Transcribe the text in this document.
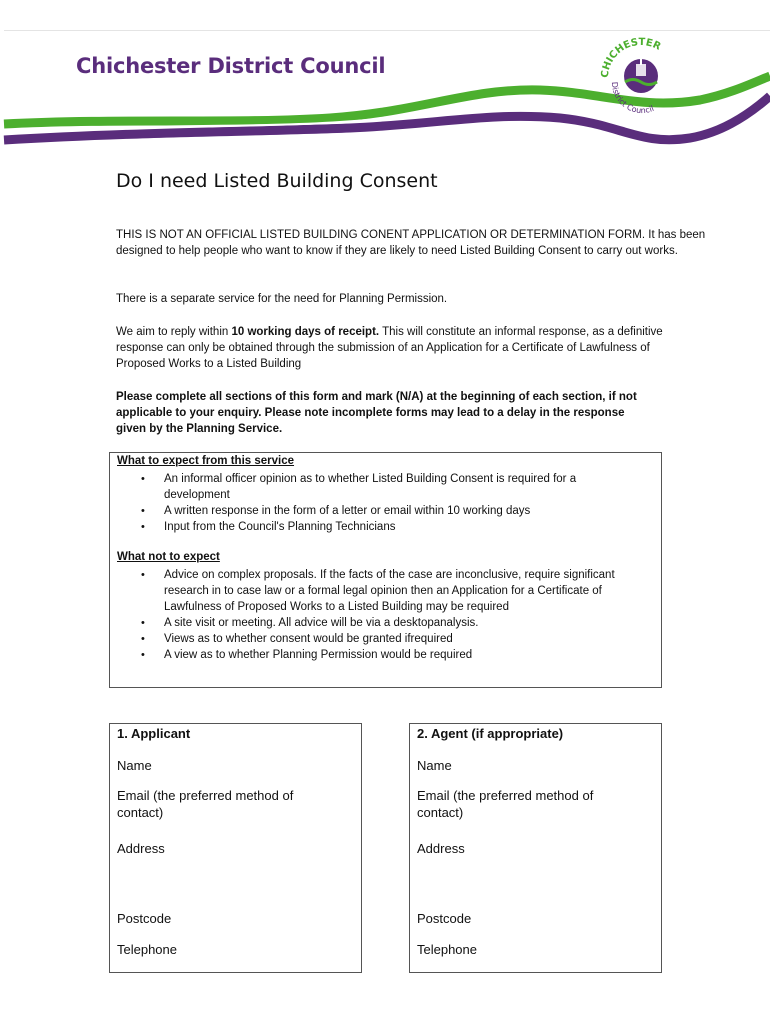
Chichester District Council	CHICHESTER
District Council
Do I need Listed Building Consent
THIS IS NOT AN OFFICIAL LISTED BUILDING CONENT APPLICATION OR DETERMINATION FORM. It has been designed to help people who want to know if they are likely to need Listed Building Consent to carry out works.
There is a separate service for the need for Planning Permission.
We aim to reply within 10 working days of receipt. This will constitute an informal response, as a definitive response can only be obtained through the submission of an Application for a Certificate of Lawfulness of Proposed Works to a Listed Building
Please complete all sections of this form and mark (N/A) at the beginning of each section, if not applicable to your enquiry. Please note incomplete forms may lead to a delay in the response given by the Planning Service.
What to expect from this service
• An informal officer opinion as to whether Listed Building Consent is required for a development
• A written response in the form of a letter or email within 10 working days
• Input from the Council's Planning Technicians
What not to expect
• Advice on complex proposals. If the facts of the case are inconclusive, require significant research in to case law or a formal legal opinion then an Application for a Certificate of Lawfulness of Proposed Works to a Listed Building may be required
• A site visit or meeting. All advice will be via a desktopanalysis.
• Views as to whether consent would be granted ifrequired
• A view as to whether Planning Permission would be required
1. Applicant
Name
Email (the preferred method of contact)
Address
Postcode
Telephone
2. Agent (if appropriate)
Name
Email (the preferred method of contact)
Address
Postcode
Telephone
